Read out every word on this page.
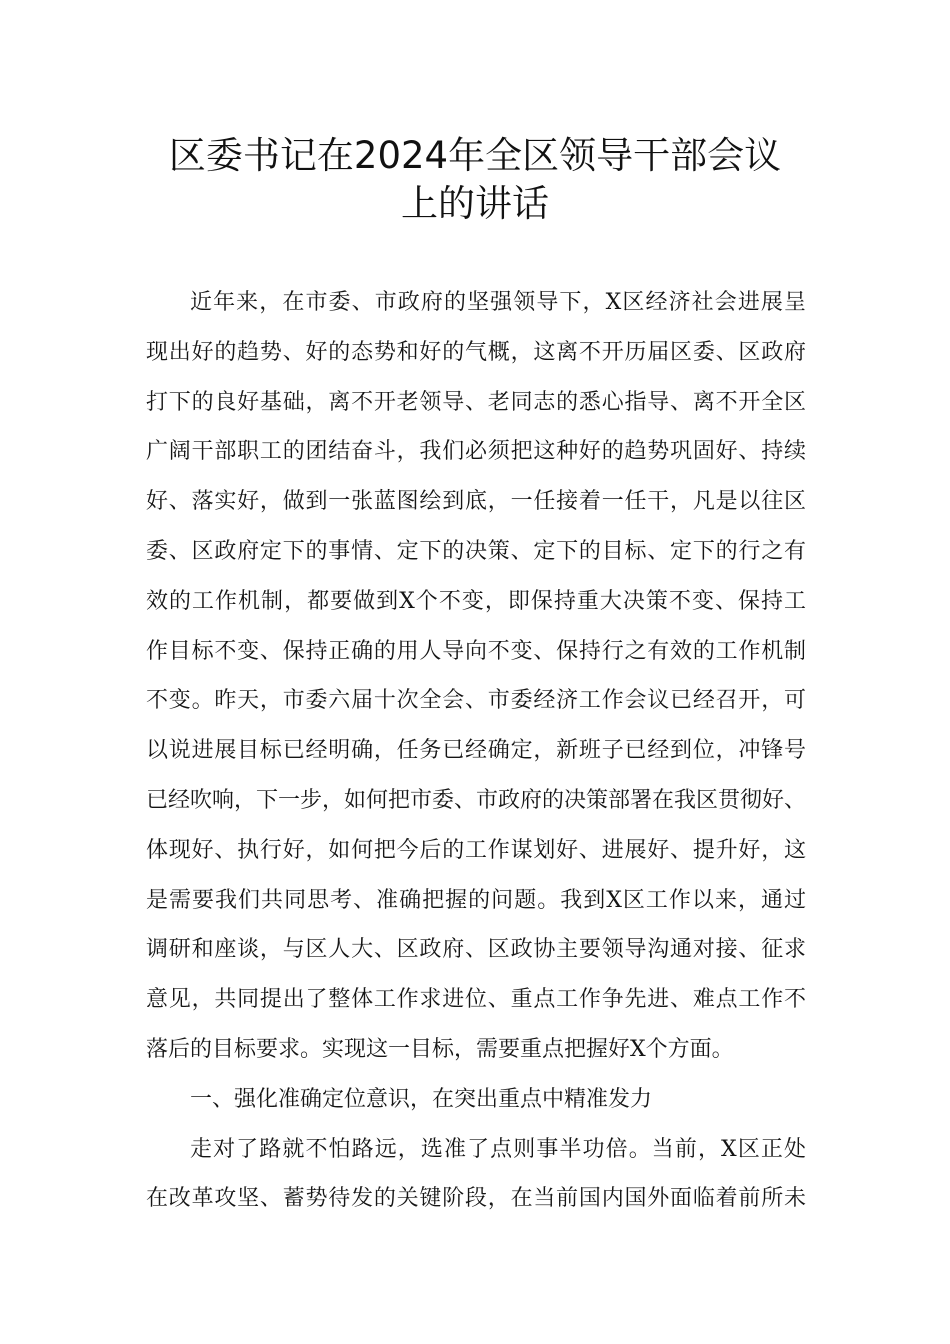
区委书记在2024年全区领导干部会议
上的讲话
近年来，在市委、市政府的坚强领导下，X区经济社会进展呈
现出好的趋势、好的态势和好的气概，这离不开历届区委、区政府
打下的良好基础，离不开老领导、老同志的悉心指导、离不开全区
广阔干部职工的团结奋斗，我们必须把这种好的趋势巩固好、持续
好、落实好，做到一张蓝图绘到底，一任接着一任干，凡是以往区
委、区政府定下的事情、定下的决策、定下的目标、定下的行之有
效的工作机制，都要做到X个不变，即保持重大决策不变、保持工
作目标不变、保持正确的用人导向不变、保持行之有效的工作机制
不变。昨天，市委六届十次全会、市委经济工作会议已经召开，可
以说进展目标已经明确，任务已经确定，新班子已经到位，冲锋号
已经吹响，下一步，如何把市委、市政府的决策部署在我区贯彻好、
体现好、执行好，如何把今后的工作谋划好、进展好、提升好，这
是需要我们共同思考、准确把握的问题。我到X区工作以来，通过
调研和座谈，与区人大、区政府、区政协主要领导沟通对接、征求
意见，共同提出了整体工作求进位、重点工作争先进、难点工作不
落后的目标要求。实现这一目标，需要重点把握好X个方面。
一、强化准确定位意识，在突出重点中精准发力
走对了路就不怕路远，选准了点则事半功倍。当前，X区正处
在改革攻坚、蓄势待发的关键阶段，在当前国内国外面临着前所未
